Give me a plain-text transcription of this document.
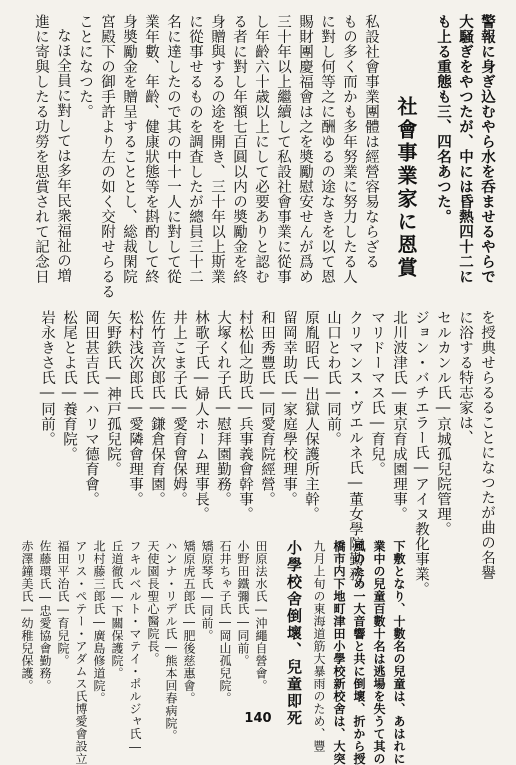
警報に身ぎ込むやら水を呑ませるやらで
大騒ぎをやつたが、中には昏熱四十二に
も上る重態も三、四名あつた。
社會事業家に恩賞
私設社會事業團體は經營容易ならざる
もの多く而かも多年努業に努力したる人
に對し何等之に酬ゆるの途なきを以て恩
賜財團慶福會は之を奬勵慰安せんが爲め
三十年以上繼續して私設社會事業に從事
し年齡六十歳以上にして必要ありと認む
る者に對し年額七百圓以内の奬勵金を終
身贈與するの途を開き、三十年以上斯業
に從事せるものを調査したが總員三十二
名に達したので其の中十一人に對して從
業年數、年齡、健康狀態等を斟酌して終
身奬勵金を贈呈することとし、総裁閑院
宮殿下の御手許より左の如く交附せらるる
ことになつた。
なほ全員に對しては多年民衆福祉の増
進に寄與したる功勞を思賞されて記念日
を授典せらるることになつたが曲の名譽
に浴する特志家は、
セルカンル氏―京城孤兒院管理。
ジョン・バチエラー氏―アイヌ教化事業。
北川波津氏―東京育成園理事。
マリドーマス氏―育兒。
クリマンス・ヴエルネ氏―董女學院勤務。
山口とわ氏―同前。
原胤昭氏―出獄人保護所主幹。
留岡幸助氏―家庭學校理事。
和田秀豐氏―同愛育院經營。
村松仙之助氏―兵事義會幹事。
大塚くれ子氏―慰拜園勤務。
林歌子氏―婦人ホーム理事長。
井上こま子氏―愛育會保姆。
佐竹音次郎氏―鎌倉保育園。
松村浅次郎氏―愛隣會理事。
矢野鉄氏―神戸孤兒院。
岡田甚吉氏―ハリマ德育會。
松尾とよ氏―養育院。
岩永きさ氏―同前。
赤澤鐘美氏―幼稚兒保護。 佐藤環氏―忠愛協會勤務。 福田平治氏―育兒院。 アリス・ペテー・アダムス氏博愛會設立 北村藤三郎氏―廣島修道院。 丘道徹氏―下關保護院。 フキルベルト・マテイ・ポルジャ氏― 天使園長聖心醫院長。 ハンナ・リデル氏―熊本回春病院。 矯原虎五郎氏―肥後慈惠會。 矯原琴氏―同前。 石井ちゃ子氏―岡山孤兒院。 小野田鐵彌氏―同前。 田原法水氏―沖繩自營會。 小學校舍倒壞、兒童即死 九月上旬の東海道筋大暴雨のため、豐 橋市内下地町津田小學校新校舍は、大突 風のため一大音響と共に倒壞、折から授 業中の兒童百數十名は逃場を失うて其の 下敷となり、十數名の兒童は、あはれに
140
